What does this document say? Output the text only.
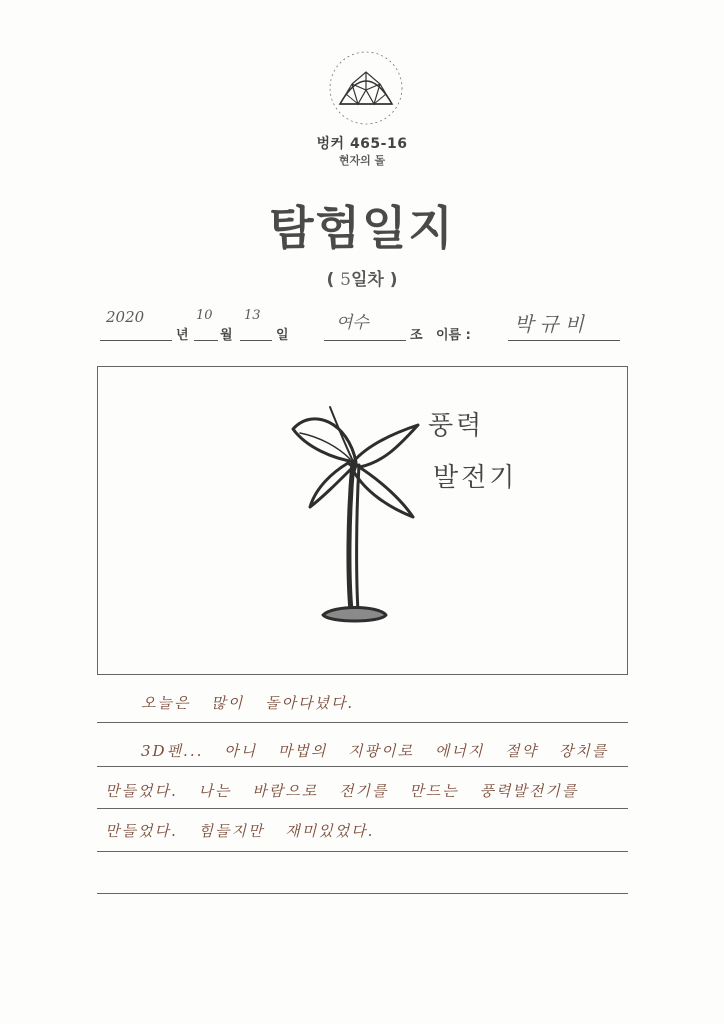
벙커 465-16
현자의 돌
탐험일지
( 5일차 )
2020
년
10
월
13
일
여수
조 이름 : 박규비
풍력
발전기
오늘은 많이 돌아다녔다.
3D펜... 아니 마법의 지팡이로 에너지 절약 장치를
만들었다. 나는 바람으로 전기를 만드는 풍력발전기를
만들었다. 힘들지만 재미있었다.
